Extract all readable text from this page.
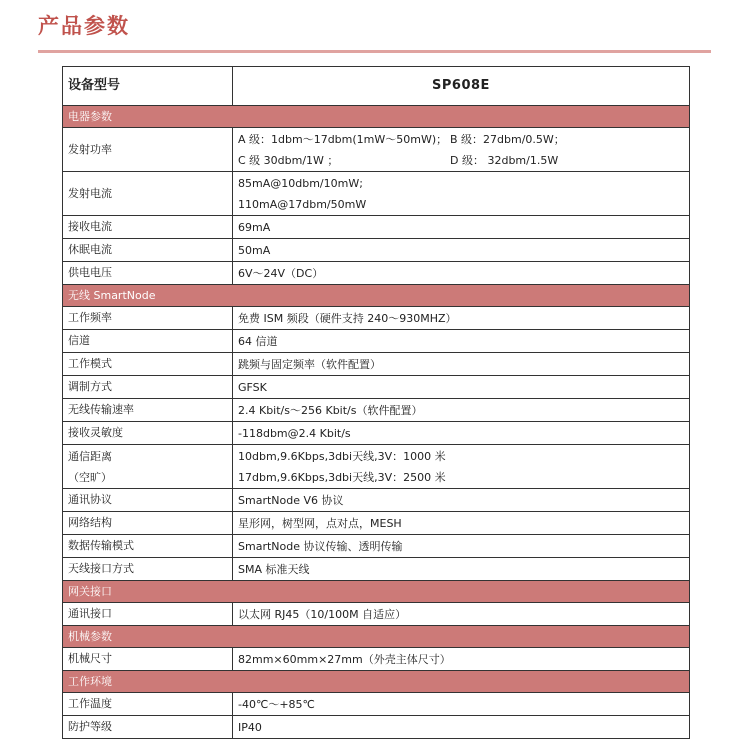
产品参数
设备型号	SP608E
电器参数	
发射功率	A 级：1dbm～17dbm(1mW～50mW)； B 级：27dbm/0.5W；
C 级 30dbm/1W ； D 级： 32dbm/1.5W

发射电流	85mA@10dbm/10mW;
110mA@17dbm/50mW

接收电流	69mA

休眠电流	50mA

供电电压	6V～24V（DC）

无线 SmartNode	
工作频率	免费 ISM 频段（硬件支持 240～930MHZ）

信道	64 信道

工作模式	跳频与固定频率（软件配置）

调制方式	GFSK

无线传输速率	2.4 Kbit/s～256 Kbit/s（软件配置）

接收灵敏度	-118dbm@2.4 Kbit/s

通信距离
（空旷）	10dbm,9.6Kbps,3dbi天线,3V：1000 米
17dbm,9.6Kbps,3dbi天线,3V：2500 米

通讯协议	SmartNode V6 协议

网络结构	星形网，树型网，点对点，MESH

数据传输模式	SmartNode 协议传输、透明传输

天线接口方式	SMA 标准天线

网关接口	
通讯接口	以太网 RJ45（10/100M 自适应）

机械参数	
机械尺寸	82mm×60mm×27mm（外壳主体尺寸）

工作环境	
工作温度	-40℃～+85℃

防护等级	IP40
